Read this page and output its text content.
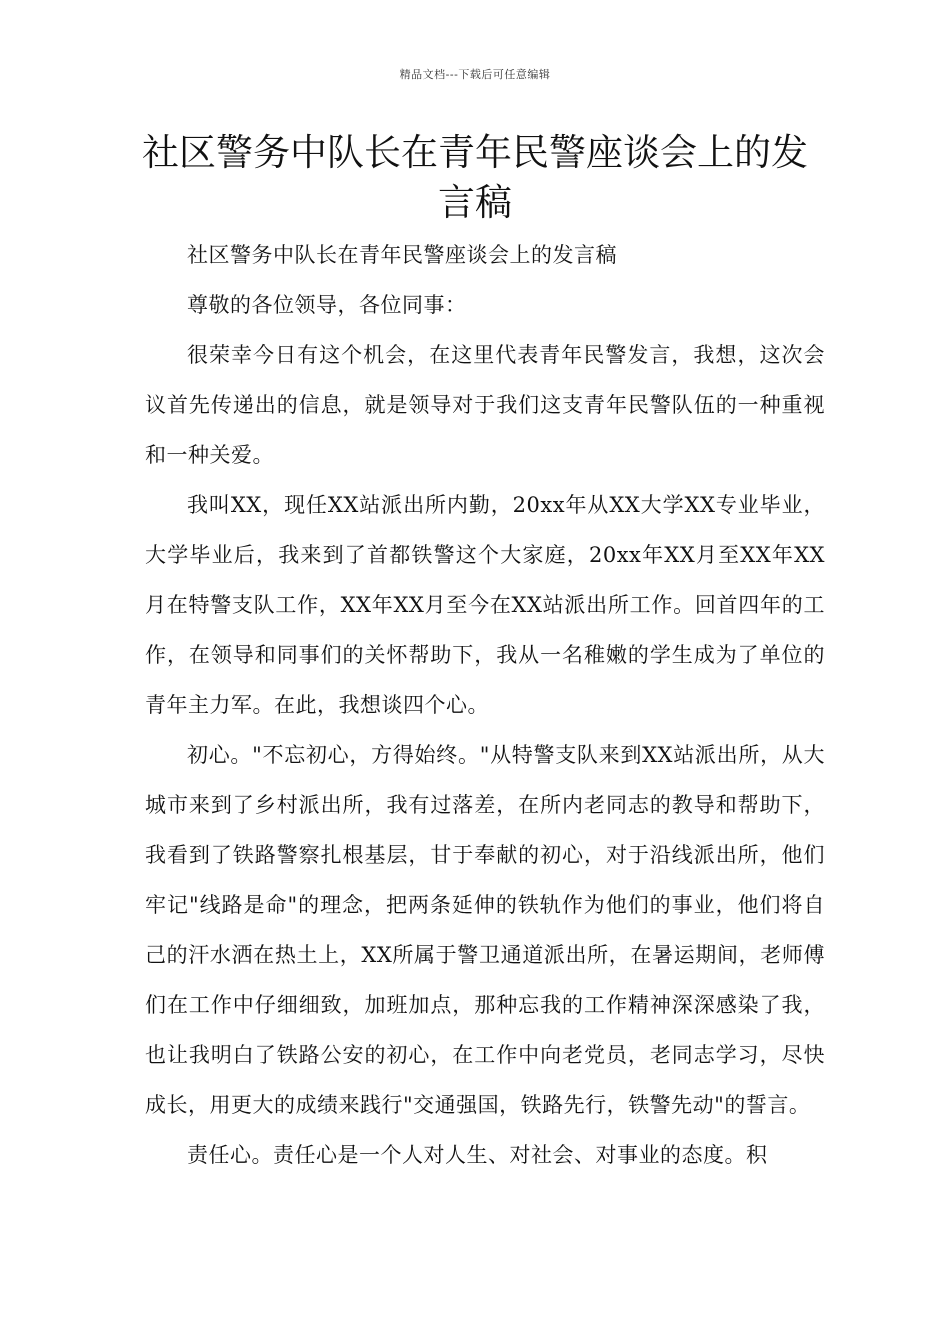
精品文档---下载后可任意编辑
社区警务中队长在青年民警座谈会上的发言稿

社区警务中队长在青年民警座谈会上的发言稿

尊敬的各位领导，各位同事：

很荣幸今日有这个机会，在这里代表青年民警发言，我想，这次会议首先传递出的信息，就是领导对于我们这支青年民警队伍的一种重视和一种关爱。

我叫XX，现任XX站派出所内勤，20xx年从XX大学XX专业毕业，大学毕业后，我来到了首都铁警这个大家庭，20xx年XX月至XX年XX月在特警支队工作，XX年XX月至今在XX站派出所工作。回首四年的工作，在领导和同事们的关怀帮助下，我从一名稚嫩的学生成为了单位的青年主力军。在此，我想谈四个心。

初心。"不忘初心，方得始终。"从特警支队来到XX站派出所，从大城市来到了乡村派出所，我有过落差，在所内老同志的教导和帮助下，我看到了铁路警察扎根基层，甘于奉献的初心，对于沿线派出所，他们牢记"线路是命"的理念，把两条延伸的铁轨作为他们的事业，他们将自己的汗水洒在热土上，XX所属于警卫通道派出所，在暑运期间，老师傅们在工作中仔细细致，加班加点，那种忘我的工作精神深深感染了我，也让我明白了铁路公安的初心，在工作中向老党员，老同志学习，尽快成长，用更大的成绩来践行"交通强国，铁路先行，铁警先动"的誓言。

责任心。责任心是一个人对人生、对社会、对事业的态度。积
